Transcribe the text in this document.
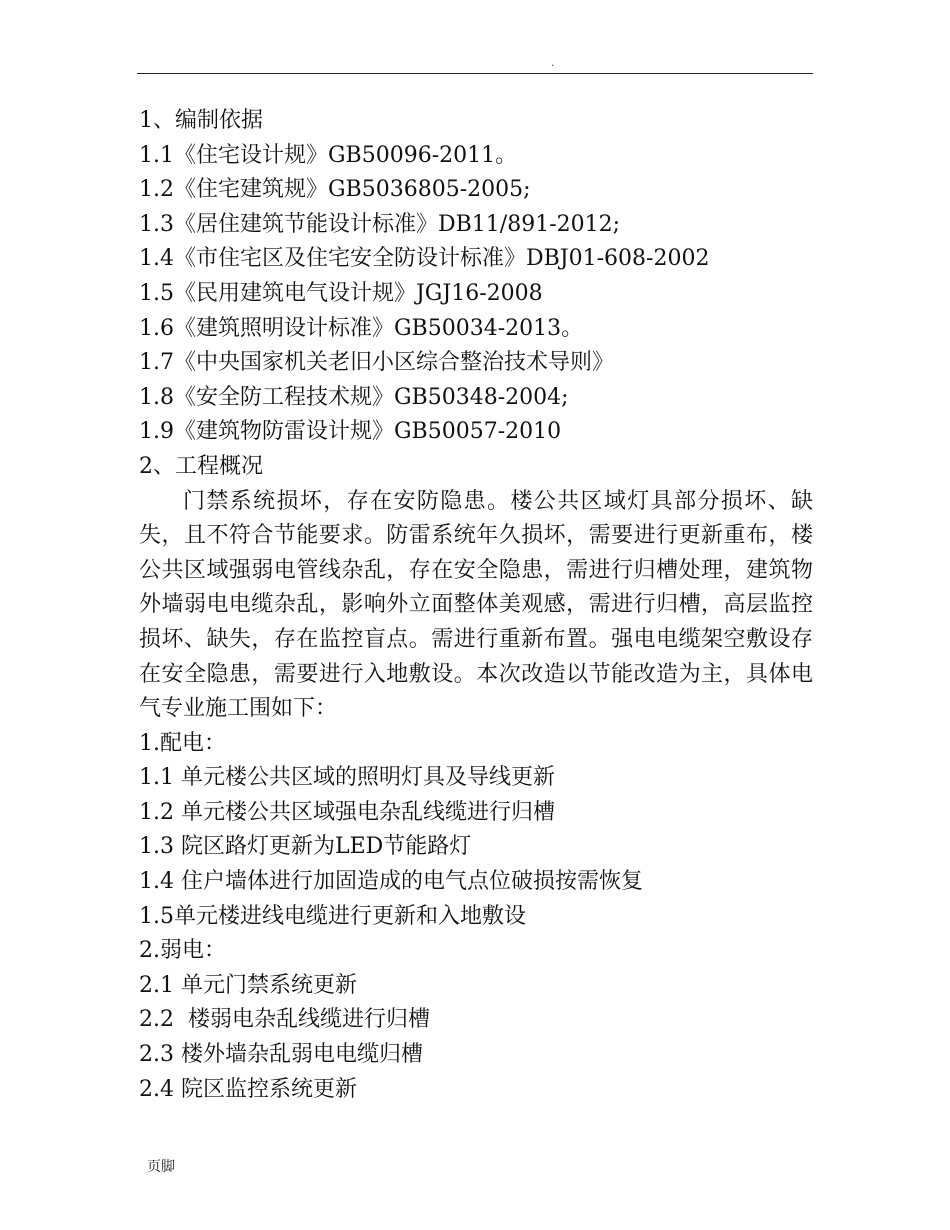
.
1、编制依据
1.1《住宅设计规》GB50096-2011。
1.2《住宅建筑规》GB5036805-2005;
1.3《居住建筑节能设计标准》DB11/891-2012;
1.4《市住宅区及住宅安全防设计标准》DBJ01-608-2002
1.5《民用建筑电气设计规》JGJ16-2008
1.6《建筑照明设计标准》GB50034-2013。
1.7《中央国家机关老旧小区综合整治技术导则》
1.8《安全防工程技术规》GB50348-2004;
1.9《建筑物防雷设计规》GB50057-2010
2、工程概况

门禁系统损坏，存在安防隐患。楼公共区域灯具部分损坏、缺失，且不符合节能要求。防雷系统年久损坏，需要进行更新重布，楼公共区域强弱电管线杂乱，存在安全隐患，需进行归槽处理，建筑物外墙弱电电缆杂乱，影响外立面整体美观感，需进行归槽，高层监控损坏、缺失，存在监控盲点。需进行重新布置。强电电缆架空敷设存在安全隐患，需要进行入地敷设。本次改造以节能改造为主，具体电气专业施工围如下：

1.配电：
1.1 单元楼公共区域的照明灯具及导线更新
1.2 单元楼公共区域强电杂乱线缆进行归槽
1.3 院区路灯更新为LED节能路灯
1.4 住户墙体进行加固造成的电气点位破损按需恢复
1.5单元楼进线电缆进行更新和入地敷设
2.弱电：
2.1 单元门禁系统更新
2.2  楼弱电杂乱线缆进行归槽
2.3 楼外墙杂乱弱电电缆归槽
2.4 院区监控系统更新
页脚
